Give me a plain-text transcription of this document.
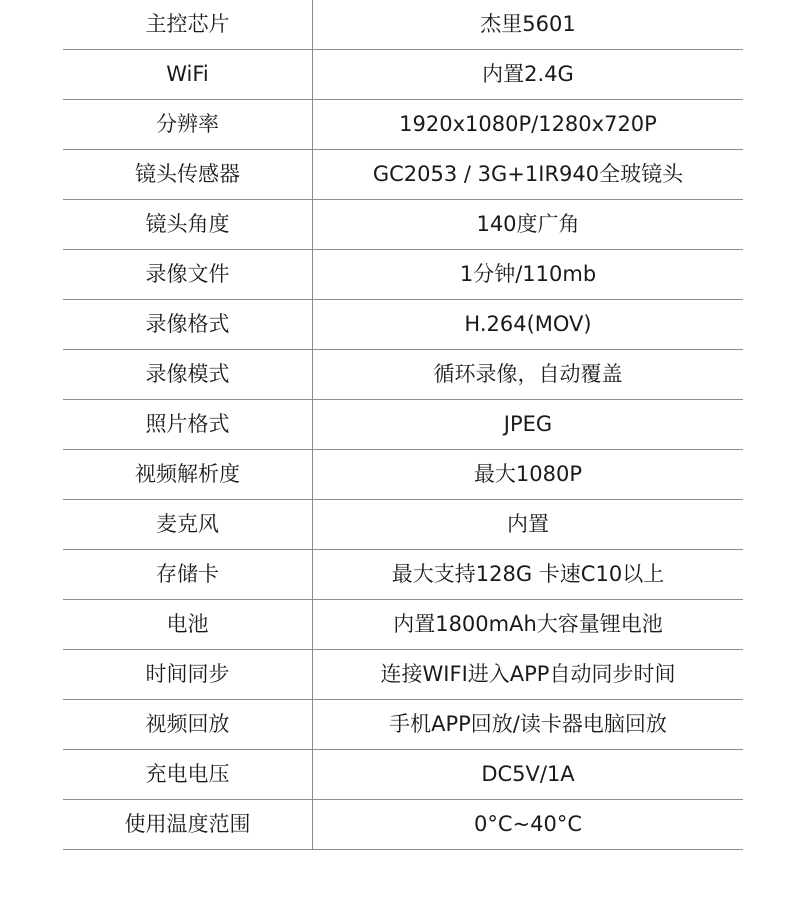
主控芯片	杰里5601
WiFi	内置2.4G
分辨率	1920x1080P/1280x720P
镜头传感器	GC2053 / 3G+1IR940全玻镜头
镜头角度	140度广角
录像文件	1分钟/110mb
录像格式	H.264(MOV)
录像模式	循环录像，自动覆盖
照片格式	JPEG
视频解析度	最大1080P
麦克风	内置
存储卡	最大支持128G 卡速C10以上
电池	内置1800mAh大容量锂电池
时间同步	连接WIFI进入APP自动同步时间
视频回放	手机APP回放/读卡器电脑回放
充电电压	DC5V/1A
使用温度范围	0°C~40°C
